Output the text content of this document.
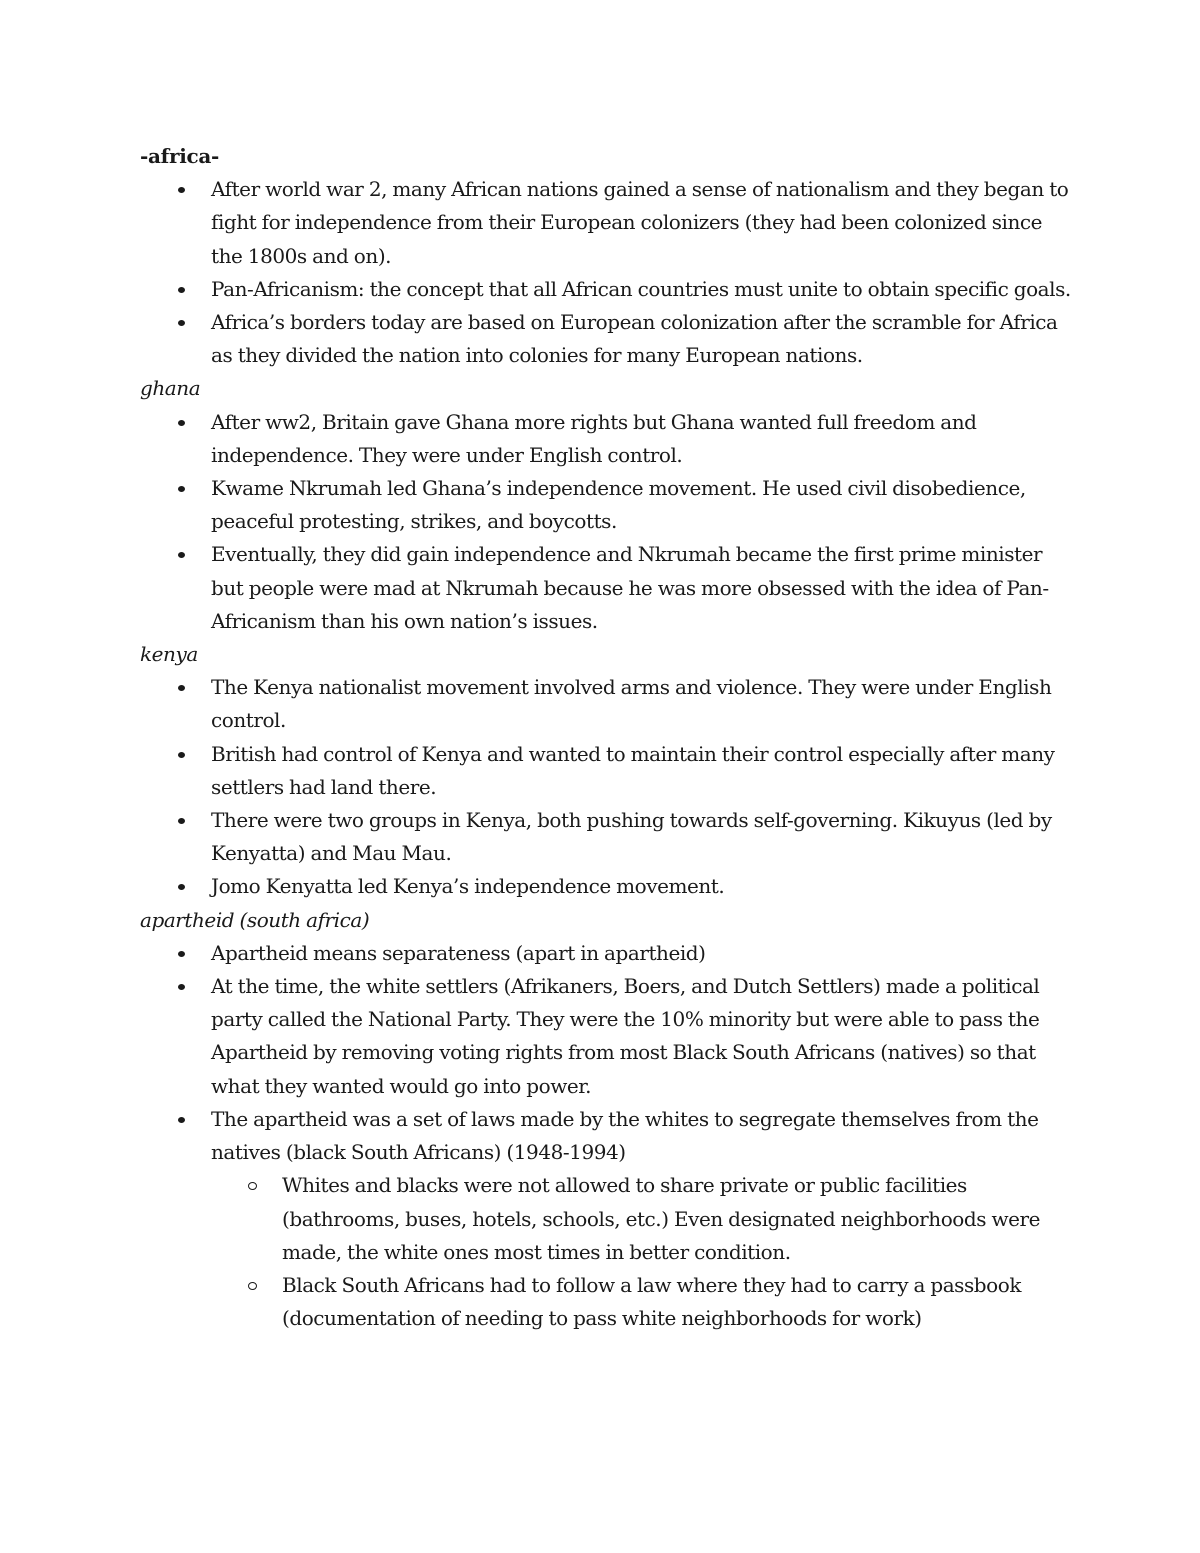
-africa-

After world war 2, many African nations gained a sense of nationalism and they began to fight for independence from their European colonizers (they had been colonized since the 1800s and on).
Pan-Africanism: the concept that all African countries must unite to obtain specific goals.
Africa’s borders today are based on European colonization after the scramble for Africa as they divided the nation into colonies for many European nations.

ghana

After ww2, Britain gave Ghana more rights but Ghana wanted full freedom and independence. They were under English control.
Kwame Nkrumah led Ghana’s independence movement. He used civil disobedience, peaceful protesting, strikes, and boycotts.
Eventually, they did gain independence and Nkrumah became the first prime minister but people were mad at Nkrumah because he was more obsessed with the idea of Pan-Africanism than his own nation’s issues.

kenya

The Kenya nationalist movement involved arms and violence. They were under English control.
British had control of Kenya and wanted to maintain their control especially after many settlers had land there.
There were two groups in Kenya, both pushing towards self-governing. Kikuyus (led by Kenyatta) and Mau Mau.
Jomo Kenyatta led Kenya’s independence movement.

apartheid (south africa)

Apartheid means separateness (apart in apartheid)
At the time, the white settlers (Afrikaners, Boers, and Dutch Settlers) made a political party called the National Party. They were the 10% minority but were able to pass the Apartheid by removing voting rights from most Black South Africans (natives) so that what they wanted would go into power.
The apartheid was a set of laws made by the whites to segregate themselves from the natives (black South Africans) (1948-1994)
Whites and blacks were not allowed to share private or public facilities (bathrooms, buses, hotels, schools, etc.) Even designated neighborhoods were made, the white ones most times in better condition.
Black South Africans had to follow a law where they had to carry a passbook (documentation of needing to pass white neighborhoods for work)
